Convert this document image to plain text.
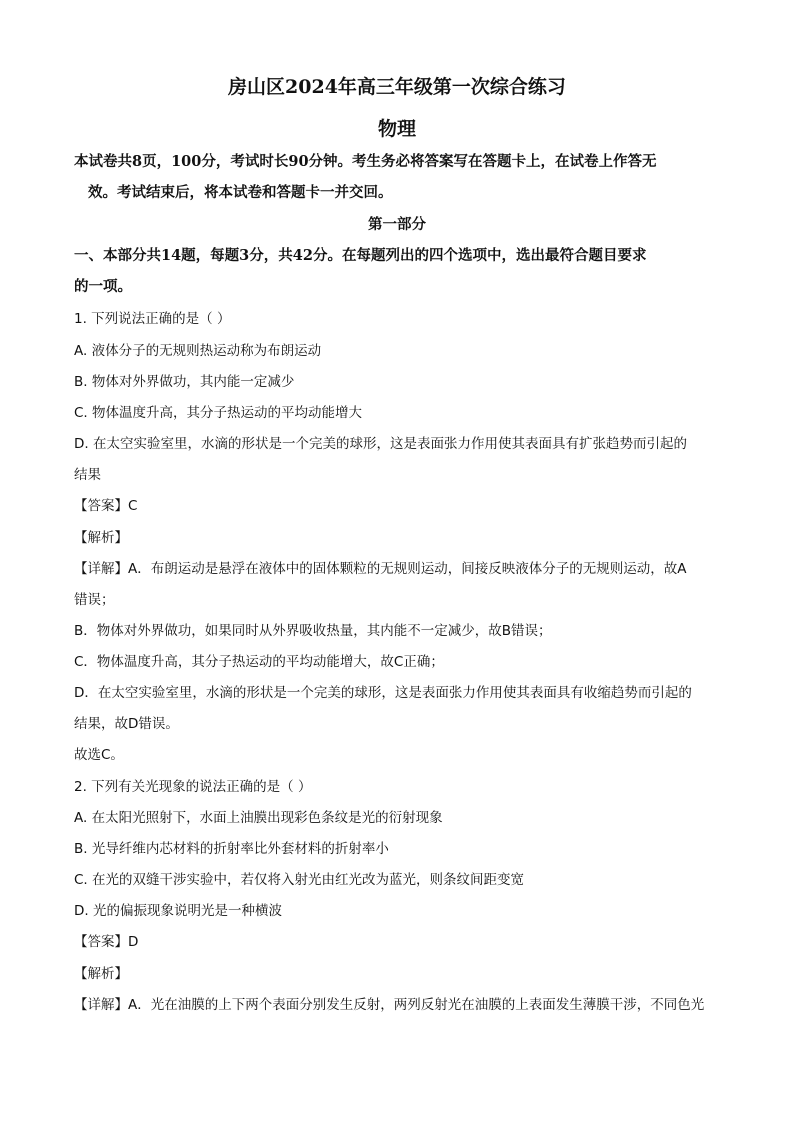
房山区2024年高三年级第一次综合练习
物理
本试卷共8页，100分，考试时长90分钟。考生务必将答案写在答题卡上，在试卷上作答无
效。考试结束后，将本试卷和答题卡一并交回。
第一部分
一、本部分共14题，每题3分，共42分。在每题列出的四个选项中，选出最符合题目要求
的一项。
1. 下列说法正确的是（ ）
A. 液体分子的无规则热运动称为布朗运动
B. 物体对外界做功，其内能一定减少
C. 物体温度升高，其分子热运动的平均动能增大
D. 在太空实验室里，水滴的形状是一个完美的球形，这是表面张力作用使其表面具有扩张趋势而引起的
结果
【答案】C
【解析】
【详解】A．布朗运动是悬浮在液体中的固体颗粒的无规则运动，间接反映液体分子的无规则运动，故A
错误；
B．物体对外界做功，如果同时从外界吸收热量，其内能不一定减少，故B错误；
C．物体温度升高，其分子热运动的平均动能增大，故C正确；
D．在太空实验室里，水滴的形状是一个完美的球形，这是表面张力作用使其表面具有收缩趋势而引起的
结果，故D错误。
故选C。
2. 下列有关光现象的说法正确的是（ ）
A. 在太阳光照射下，水面上油膜出现彩色条纹是光的衍射现象
B. 光导纤维内芯材料的折射率比外套材料的折射率小
C. 在光的双缝干涉实验中，若仅将入射光由红光改为蓝光，则条纹间距变宽
D. 光的偏振现象说明光是一种横波
【答案】D
【解析】
【详解】A．光在油膜的上下两个表面分别发生反射，两列反射光在油膜的上表面发生薄膜干涉，不同色光
